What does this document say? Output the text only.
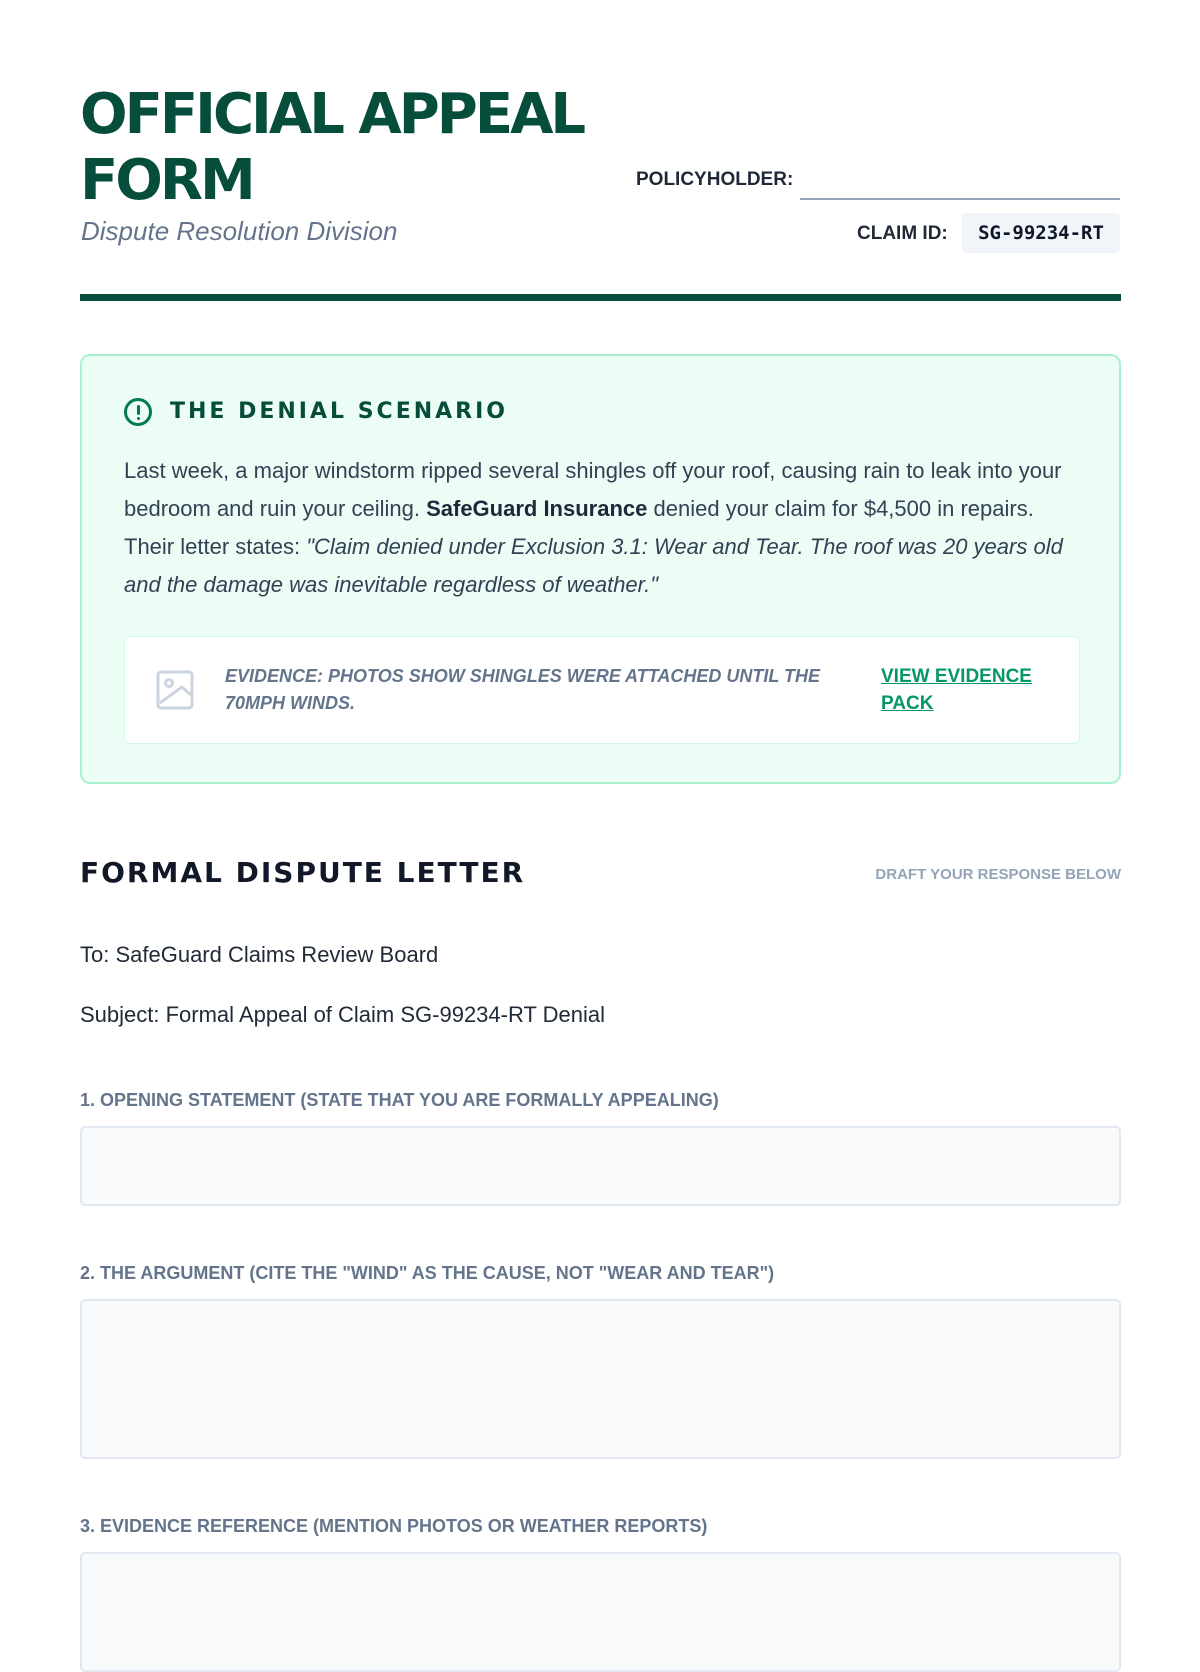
OFFICIAL APPEAL FORM
Dispute Resolution Division
POLICYHOLDER:
CLAIM ID:	SG-99234-RT
THE DENIAL SCENARIO

Last week, a major windstorm ripped several shingles off your roof, causing rain to leak into your bedroom and ruin your ceiling. SafeGuard Insurance denied your claim for $4,500 in repairs. Their letter states: "Claim denied under Exclusion 3.1: Wear and Tear. The roof was 20 years old and the damage was inevitable regardless of weather."

EVIDENCE: PHOTOS SHOW SHINGLES WERE ATTACHED UNTIL THE 70MPH WINDS.
VIEW EVIDENCE PACK
FORMAL DISPUTE LETTER	DRAFT YOUR RESPONSE BELOW
To: SafeGuard Claims Review Board
Subject: Formal Appeal of Claim SG-99234-RT Denial
1. OPENING STATEMENT (STATE THAT YOU ARE FORMALLY APPEALING)
2. THE ARGUMENT (CITE THE "WIND" AS THE CAUSE, NOT "WEAR AND TEAR")
3. EVIDENCE REFERENCE (MENTION PHOTOS OR WEATHER REPORTS)
